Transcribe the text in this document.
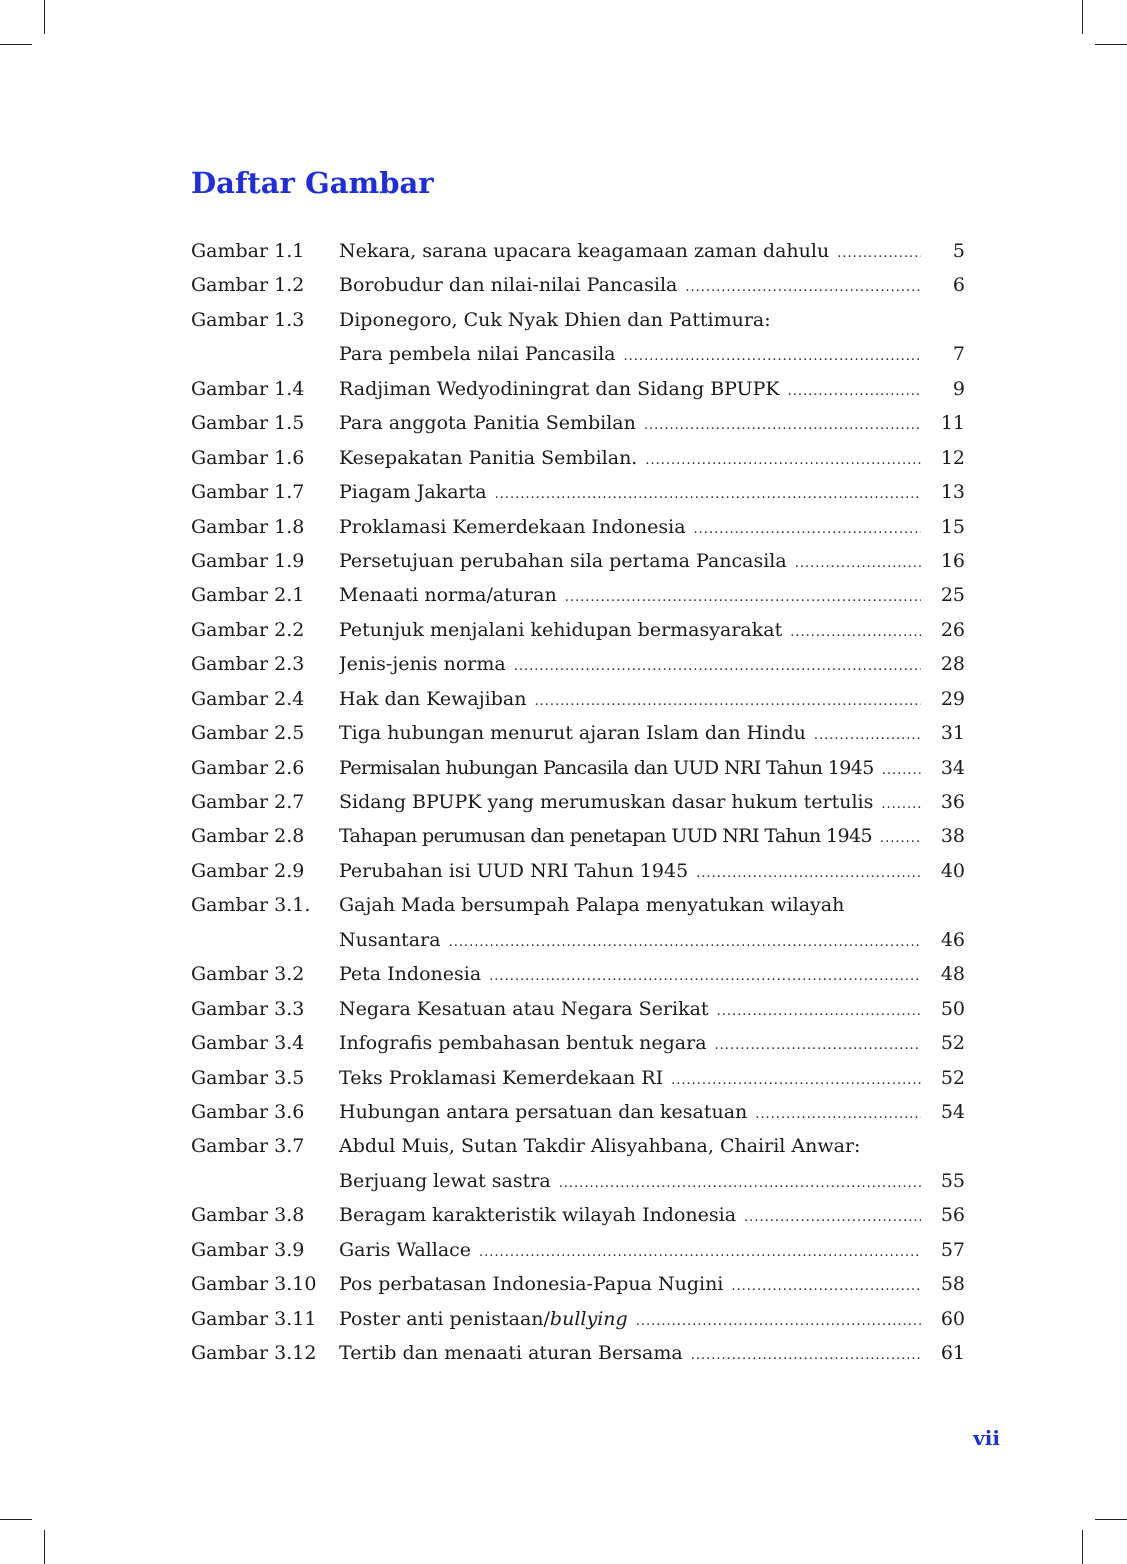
Daftar Gambar
Gambar 1.1	Nekara, sarana upacara keagamaan zaman dahulu .....	5
Gambar 1.2	Borobudur dan nilai-nilai Pancasila .....	6
Gambar 1.3	Diponegoro, Cuk Nyak Dhien dan Pattimura:
Para pembela nilai Pancasila .....	7
Gambar 1.4	Radjiman Wedyodiningrat dan Sidang BPUPK .....	9
Gambar 1.5	Para anggota Panitia Sembilan .....	11
Gambar 1.6	Kesepakatan Panitia Sembilan. .....	12
Gambar 1.7	Piagam Jakarta .....	13
Gambar 1.8	Proklamasi Kemerdekaan Indonesia .....	15
Gambar 1.9	Persetujuan perubahan sila pertama Pancasila .....	16
Gambar 2.1	Menaati norma/aturan .....	25
Gambar 2.2	Petunjuk menjalani kehidupan bermasyarakat .....	26
Gambar 2.3	Jenis-jenis norma .....	28
Gambar 2.4	Hak dan Kewajiban .....	29
Gambar 2.5	Tiga hubungan menurut ajaran Islam dan Hindu .....	31
Gambar 2.6	Permisalan hubungan Pancasila dan UUD NRI Tahun 1945 .....	34
Gambar 2.7	Sidang BPUPK yang merumuskan dasar hukum tertulis .....	36
Gambar 2.8	Tahapan perumusan dan penetapan UUD NRI Tahun 1945 .....	38
Gambar 2.9	Perubahan isi UUD NRI Tahun 1945 .....	40
Gambar 3.1.	Gajah Mada bersumpah Palapa menyatukan wilayah
Nusantara .....	46
Gambar 3.2	Peta Indonesia .....	48
Gambar 3.3	Negara Kesatuan atau Negara Serikat .....	50
Gambar 3.4	Infografis pembahasan bentuk negara .....	52
Gambar 3.5	Teks Proklamasi Kemerdekaan RI .....	52
Gambar 3.6	Hubungan antara persatuan dan kesatuan .....	54
Gambar 3.7	Abdul Muis, Sutan Takdir Alisyahbana, Chairil Anwar:
Berjuang lewat sastra .....	55
Gambar 3.8	Beragam karakteristik wilayah Indonesia .....	56
Gambar 3.9	Garis Wallace .....	57
Gambar 3.10	Pos perbatasan Indonesia-Papua Nugini .....	58
Gambar 3.11	Poster anti penistaan/ bullying .....	60
Gambar 3.12	Tertib dan menaati aturan Bersama .....	61
vii
